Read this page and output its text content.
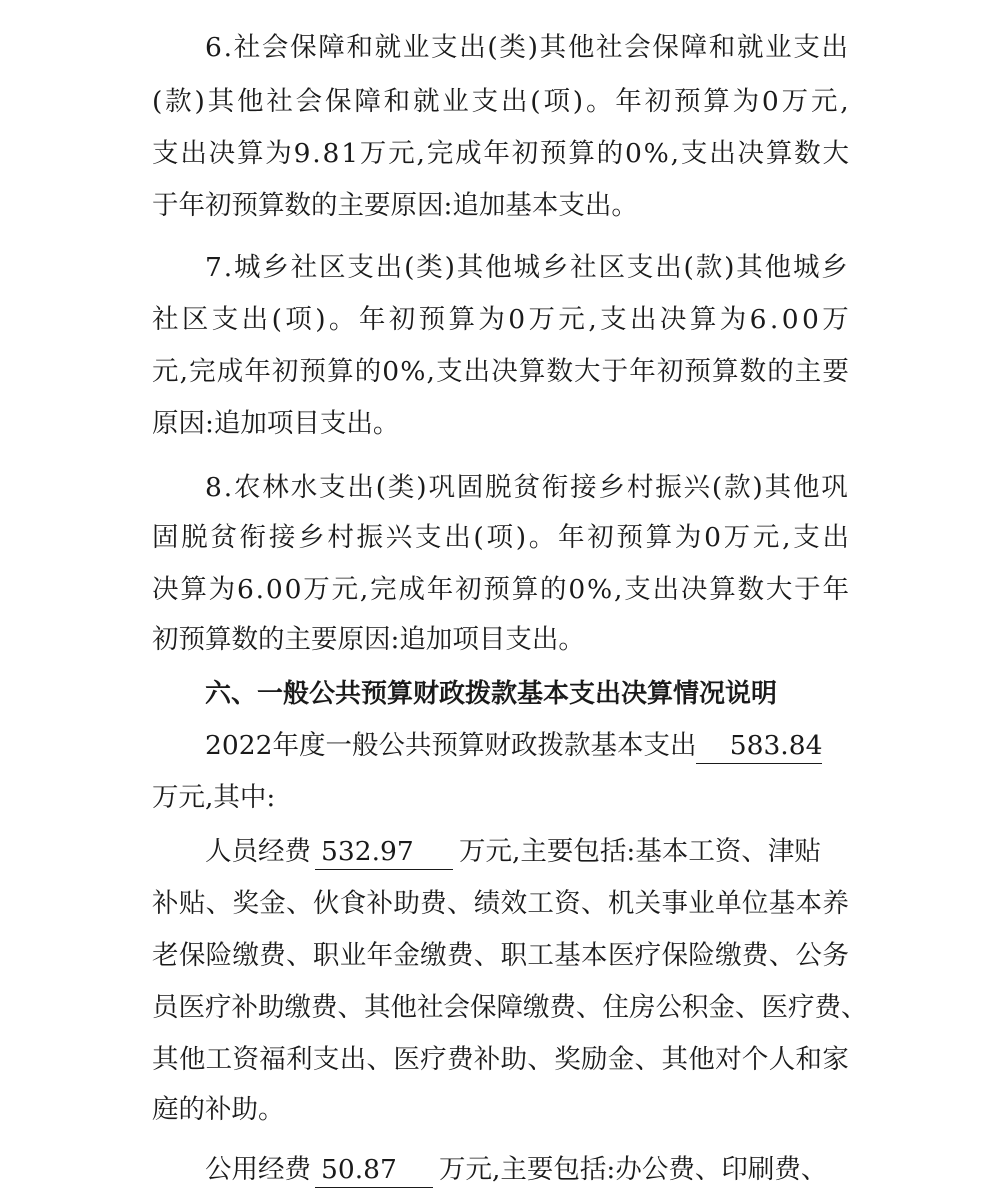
6 . 社 会 保 障 和 就 业 支 出 ( 类 ) 其 他 社 会 保 障 和 就 业 支 出
( 款 ) 其 他 社 会 保 障 和 就 业 支 出 ( 项 ) 。 年 初 预 算 为 0 万 元 ,
支 出 决 算 为 9 . 8 1 万 元 , 完 成 年 初 预 算 的 0 % , 支 出 决 算 数 大
于年初预算数的主要原因:追加基本支出。
7 . 城 乡 社 区 支 出 ( 类 ) 其 他 城 乡 社 区 支 出 ( 款 ) 其 他 城 乡
社 区 支 出 ( 项 ) 。 年 初 预 算 为 0 万 元 , 支 出 决 算 为 6 . 0 0 万
元 , 完 成 年 初 预 算 的 0 % , 支 出 决 算 数 大 于 年 初 预 算 数 的 主 要
原因:追加项目支出。
8 . 农 林 水 支 出 ( 类 ) 巩 固 脱 贫 衔 接 乡 村 振 兴 ( 款 ) 其 他 巩
固 脱 贫 衔 接 乡 村 振 兴 支 出 ( 项 ) 。 年 初 预 算 为 0 万 元 , 支 出
决 算 为 6 . 0 0 万 元 , 完 成 年 初 预 算 的 0 % , 支 出 决 算 数 大 于 年
初预算数的主要原因:追加项目支出。
六、一般公共预算财政拨款基本支出决算情况说明
2022年度一般公共预算财政拨款基本支出 583.84
万元,其中:
人员经费 532.97 万元,主要包括:基本工资、津贴
补 贴 、 奖 金 、 伙 食 补 助 费 、 绩 效 工 资 、 机 关 事 业 单 位 基 本 养
老 保 险 缴 费 、 职 业 年 金 缴 费 、 职 工 基 本 医 疗 保 险 缴 费 、 公 务
员 医 疗 补 助 缴 费 、 其 他 社 会 保 障 缴 费 、 住 房 公 积 金 、 医 疗 费 、
其 他 工 资 福 利 支 出 、 医 疗 费 补 助 、 奖 励 金 、 其 他 对 个 人 和 家
庭的补助。
公用经费 50.87 万元,主要包括:办公费、印刷费、
